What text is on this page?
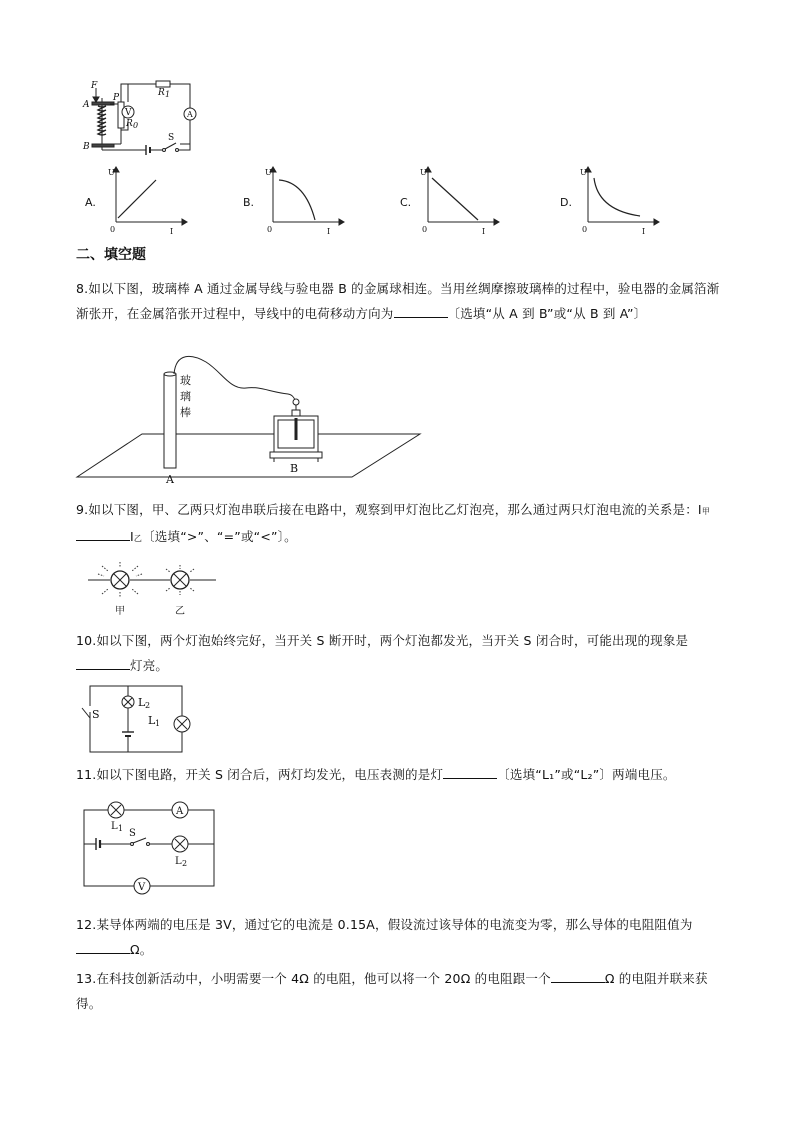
F
A
B
P
R 0
R 1
V	A
S
A.
U
0	I
B.
U
0	I
C.
U
0	I
D.
U
0	I
二、填空题
8.如以下图，玻璃棒 A 通过金属导线与验电器 B 的金属球相连。当用丝绸摩擦玻璃棒的过程中，验电器的金属箔渐渐张开，在金属箔张开过程中，导线中的电荷移动方向为	〔选填“从 A 到 B”或“从 B 到 A”〕
玻
璃
棒
A
B
9.如以下图，甲、乙两只灯泡串联后接在电路中，观察到甲灯泡比乙灯泡亮，那么通过两只灯泡电流的关系是：I甲I乙〔选填“>”、“=”或“<”〕。
甲	乙
10.如以下图，两个灯泡始终完好，当开关 S 断开时，两个灯泡都发光，当开关 S 闭合时，可能出现的现象是灯亮。
S
L 2
L 1
11.如以下图电路，开关 S 闭合后，两灯均发光，电压表测的是灯	〔选填“L₁”或“L₂”〕两端电压。
A
L 1 S
L 2
V
12.某导体两端的电压是 3V，通过它的电流是 0.15A，假设流过该导体的电流变为零，那么导体的电阻阻值为Ω。
13.在科技创新活动中，小明需要一个 4Ω 的电阻，他可以将一个 20Ω 的电阻跟一个	Ω 的电阻并联来获得。
